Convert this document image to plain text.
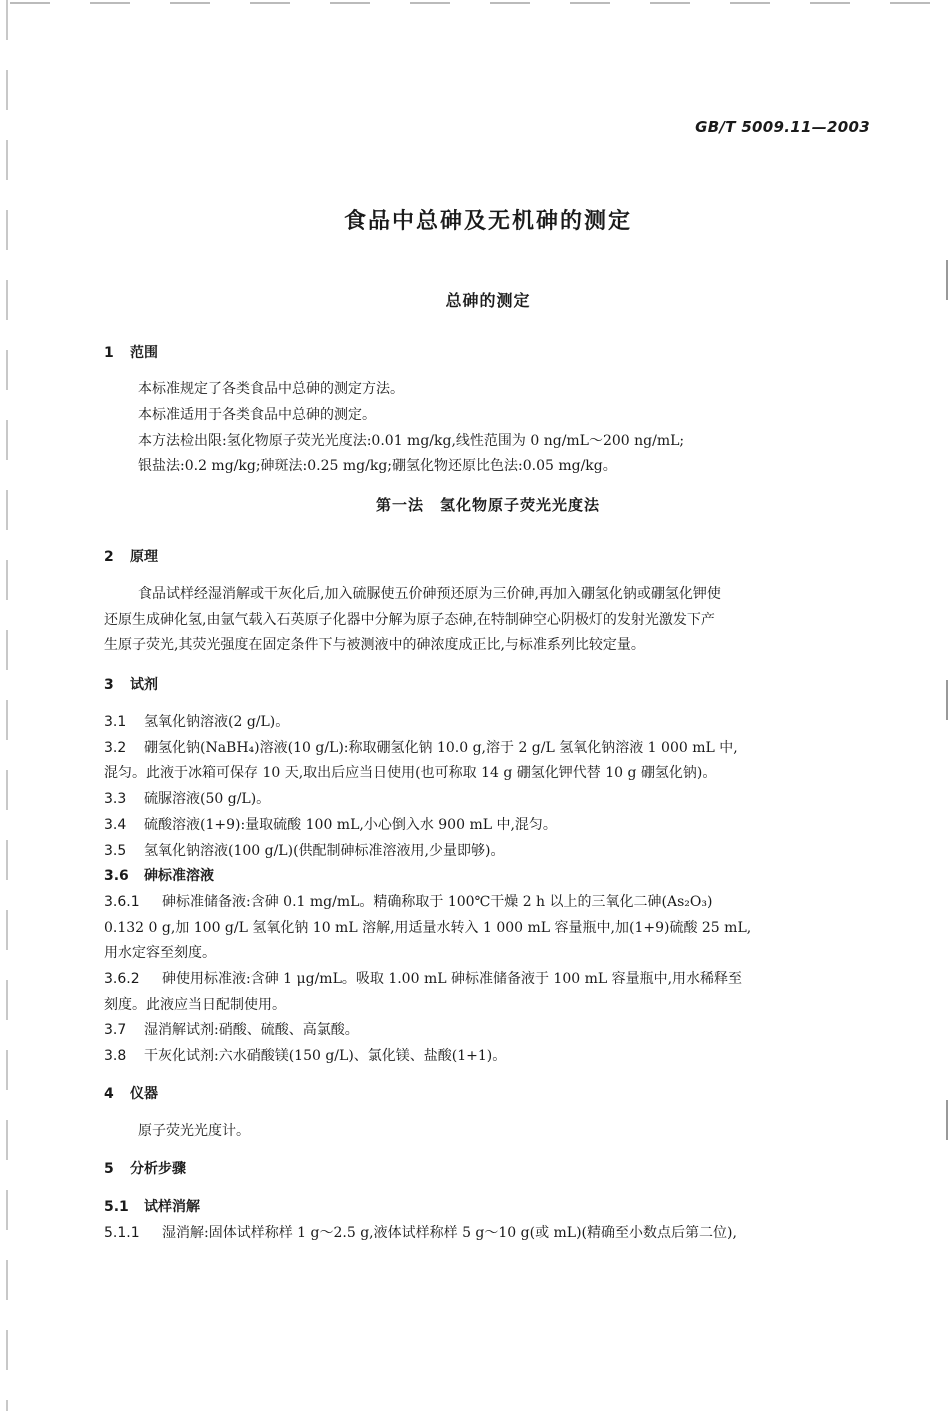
GB/T 5009.11—2003
食品中总砷及无机砷的测定
总砷的测定
1 范围
本标准规定了各类食品中总砷的测定方法。
本标准适用于各类食品中总砷的测定。
本方法检出限:氢化物原子荧光光度法:0.01 mg/kg,线性范围为 0 ng/mL～200 ng/mL;
银盐法:0.2 mg/kg;砷斑法:0.25 mg/kg;硼氢化物还原比色法:0.05 mg/kg。
第一法　氢化物原子荧光光度法
2 原理
食品试样经湿消解或干灰化后,加入硫脲使五价砷预还原为三价砷,再加入硼氢化钠或硼氢化钾使
还原生成砷化氢,由氩气载入石英原子化器中分解为原子态砷,在特制砷空心阴极灯的发射光激发下产
生原子荧光,其荧光强度在固定条件下与被测液中的砷浓度成正比,与标准系列比较定量。
3 试剂
3.1 氢氧化钠溶液(2 g/L)。
3.2 硼氢化钠(NaBH₄)溶液(10 g/L):称取硼氢化钠 10.0 g,溶于 2 g/L 氢氧化钠溶液 1 000 mL 中,
混匀。此液于冰箱可保存 10 天,取出后应当日使用(也可称取 14 g 硼氢化钾代替 10 g 硼氢化钠)。
3.3 硫脲溶液(50 g/L)。
3.4 硫酸溶液(1+9):量取硫酸 100 mL,小心倒入水 900 mL 中,混匀。
3.5 氢氧化钠溶液(100 g/L)(供配制砷标准溶液用,少量即够)。
3.6 砷标准溶液
3.6.1 砷标准储备液:含砷 0.1 mg/mL。精确称取于 100℃干燥 2 h 以上的三氧化二砷(As₂O₃)
0.132 0 g,加 100 g/L 氢氧化钠 10 mL 溶解,用适量水转入 1 000 mL 容量瓶中,加(1+9)硫酸 25 mL,
用水定容至刻度。
3.6.2 砷使用标准液:含砷 1 μg/mL。吸取 1.00 mL 砷标准储备液于 100 mL 容量瓶中,用水稀释至
刻度。此液应当日配制使用。
3.7 湿消解试剂:硝酸、硫酸、高氯酸。
3.8 干灰化试剂:六水硝酸镁(150 g/L)、氯化镁、盐酸(1+1)。
4 仪器
原子荧光光度计。
5 分析步骤
5.1 试样消解
5.1.1 湿消解:固体试样称样 1 g～2.5 g,液体试样称样 5 g～10 g(或 mL)(精确至小数点后第二位),
